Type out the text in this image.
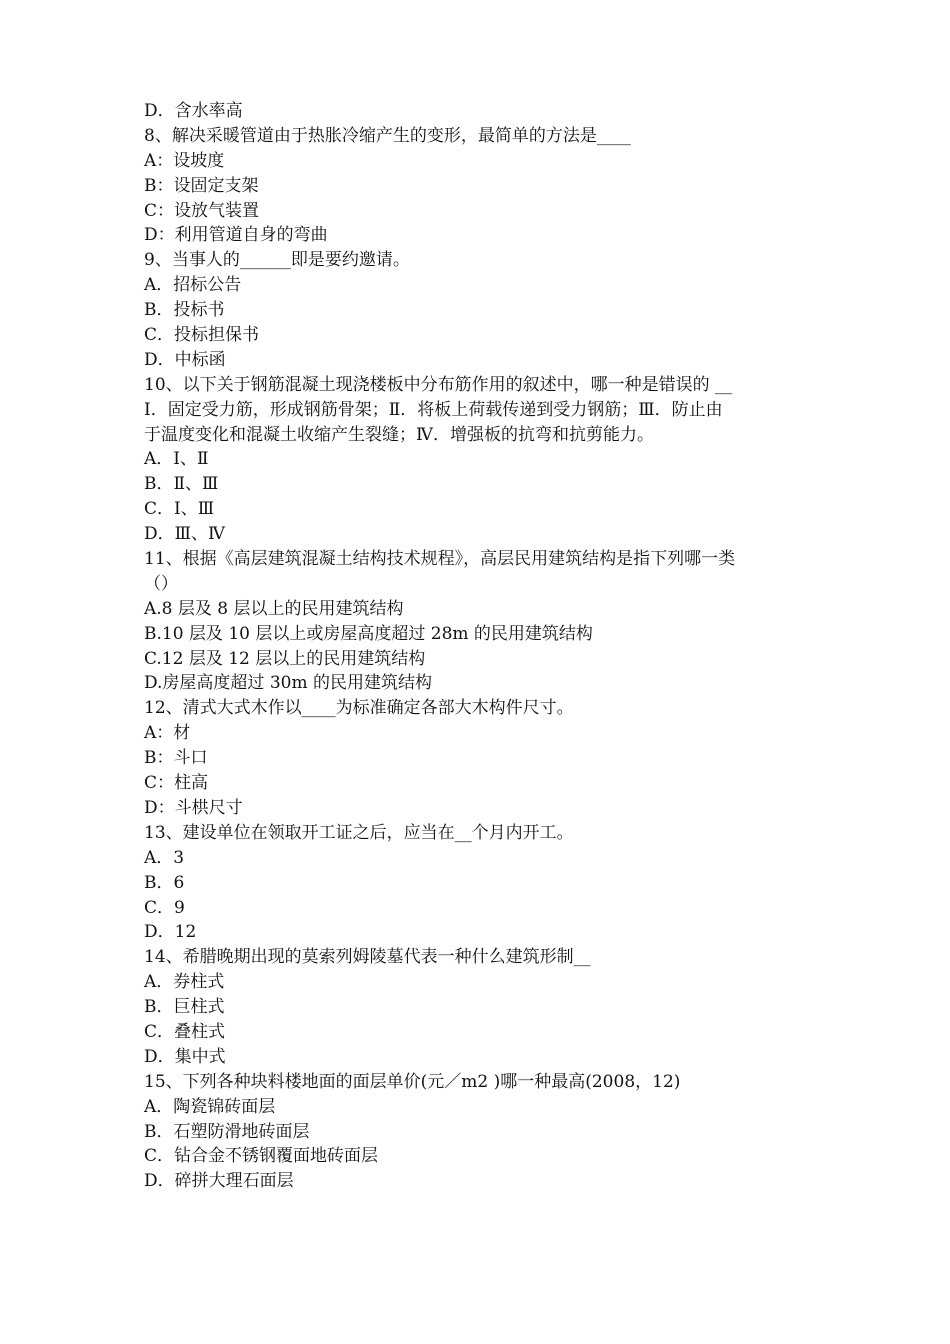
D．含水率高
8、解决采暖管道由于热胀冷缩产生的变形，最简单的方法是____
A：设坡度
B：设固定支架
C：设放气装置
D：利用管道自身的弯曲
9、当事人的______即是要约邀请。
A．招标公告
B．投标书
C．投标担保书
D．中标函
10、以下关于钢筋混凝土现浇楼板中分布筋作用的叙述中，哪一种是错误的 __
Ⅰ．固定受力筋，形成钢筋骨架；Ⅱ．将板上荷载传递到受力钢筋；Ⅲ．防止由
于温度变化和混凝土收缩产生裂缝；Ⅳ．增强板的抗弯和抗剪能力。
A．Ⅰ、Ⅱ
B．Ⅱ、Ⅲ
C．Ⅰ、Ⅲ
D．Ⅲ、Ⅳ
11、根据《高层建筑混凝土结构技术规程》，高层民用建筑结构是指下列哪一类
（）
A.8 层及 8 层以上的民用建筑结构
B.10 层及 10 层以上或房屋高度超过 28m 的民用建筑结构
C.12 层及 12 层以上的民用建筑结构
D.房屋高度超过 30m 的民用建筑结构
12、清式大式木作以____为标准确定各部大木构件尺寸。
A：材
B：斗口
C：柱高
D：斗栱尺寸
13、建设单位在领取开工证之后，应当在__个月内开工。
A．3
B．6
C．9
D．12
14、希腊晚期出现的莫索列姆陵墓代表一种什么建筑形制__
A．券柱式
B．巨柱式
C．叠柱式
D．集中式
15、下列各种块料楼地面的面层单价(元／m2 )哪一种最高(2008，12)
A．陶瓷锦砖面层
B．石塑防滑地砖面层
C．钻合金不锈钢覆面地砖面层
D．碎拼大理石面层
